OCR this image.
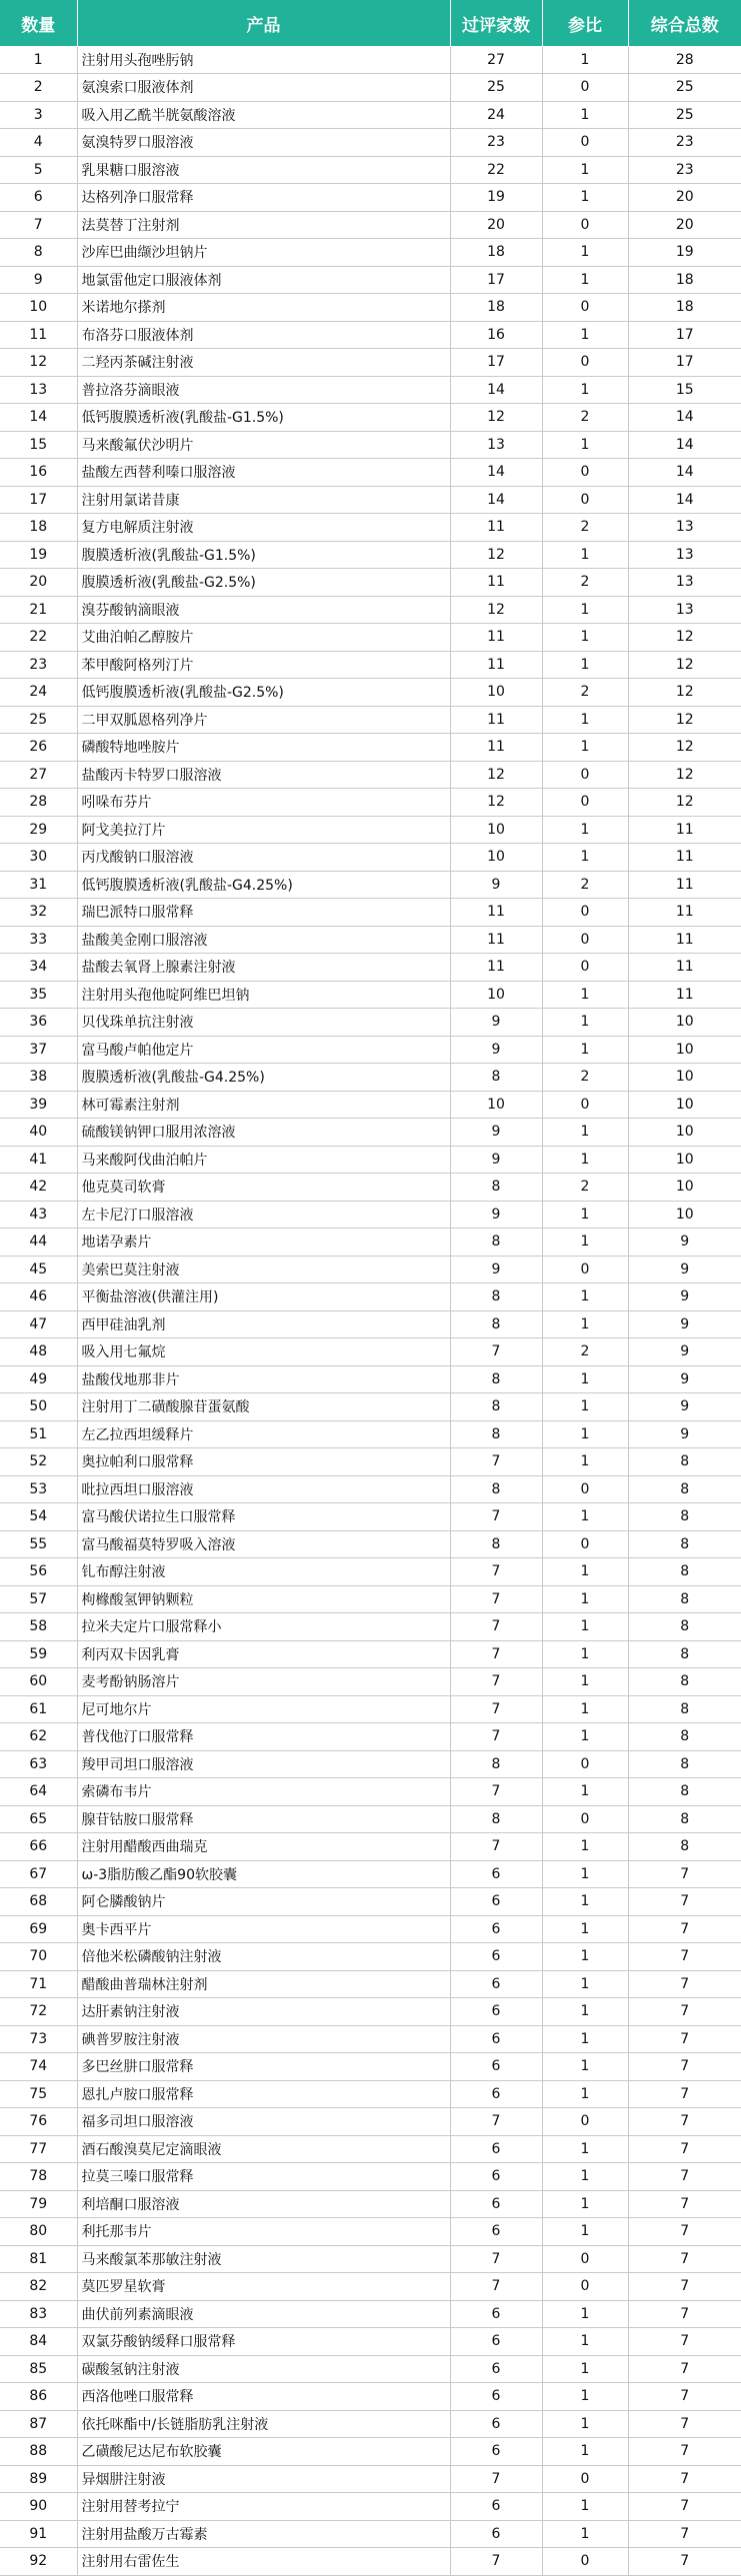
数量	产品	过评家数	参比	综合总数
1	注射用头孢唑肟钠	27	1	28
2	氨溴索口服液体剂	25	0	25
3	吸入用乙酰半胱氨酸溶液	24	1	25
4	氨溴特罗口服溶液	23	0	23
5	乳果糖口服溶液	22	1	23
6	达格列净口服常释	19	1	20
7	法莫替丁注射剂	20	0	20
8	沙库巴曲缬沙坦钠片	18	1	19
9	地氯雷他定口服液体剂	17	1	18
10	米诺地尔搽剂	18	0	18
11	布洛芬口服液体剂	16	1	17
12	二羟丙茶碱注射液	17	0	17
13	普拉洛芬滴眼液	14	1	15
14	低钙腹膜透析液(乳酸盐-G1.5%)	12	2	14
15	马来酸氟伏沙明片	13	1	14
16	盐酸左西替利嗪口服溶液	14	0	14
17	注射用氯诺昔康	14	0	14
18	复方电解质注射液	11	2	13
19	腹膜透析液(乳酸盐-G1.5%)	12	1	13
20	腹膜透析液(乳酸盐-G2.5%)	11	2	13
21	溴芬酸钠滴眼液	12	1	13
22	艾曲泊帕乙醇胺片	11	1	12
23	苯甲酸阿格列汀片	11	1	12
24	低钙腹膜透析液(乳酸盐-G2.5%)	10	2	12
25	二甲双胍恩格列净片	11	1	12
26	磷酸特地唑胺片	11	1	12
27	盐酸丙卡特罗口服溶液	12	0	12
28	吲哚布芬片	12	0	12
29	阿戈美拉汀片	10	1	11
30	丙戊酸钠口服溶液	10	1	11
31	低钙腹膜透析液(乳酸盐-G4.25%)	9	2	11
32	瑞巴派特口服常释	11	0	11
33	盐酸美金刚口服溶液	11	0	11
34	盐酸去氧肾上腺素注射液	11	0	11
35	注射用头孢他啶阿维巴坦钠	10	1	11
36	贝伐珠单抗注射液	9	1	10
37	富马酸卢帕他定片	9	1	10
38	腹膜透析液(乳酸盐-G4.25%)	8	2	10
39	林可霉素注射剂	10	0	10
40	硫酸镁钠钾口服用浓溶液	9	1	10
41	马来酸阿伐曲泊帕片	9	1	10
42	他克莫司软膏	8	2	10
43	左卡尼汀口服溶液	9	1	10
44	地诺孕素片	8	1	9
45	美索巴莫注射液	9	0	9
46	平衡盐溶液(供灌注用)	8	1	9
47	西甲硅油乳剂	8	1	9
48	吸入用七氟烷	7	2	9
49	盐酸伐地那非片	8	1	9
50	注射用丁二磺酸腺苷蛋氨酸	8	1	9
51	左乙拉西坦缓释片	8	1	9
52	奥拉帕利口服常释	7	1	8
53	吡拉西坦口服溶液	8	0	8
54	富马酸伏诺拉生口服常释	7	1	8
55	富马酸福莫特罗吸入溶液	8	0	8
56	钆布醇注射液	7	1	8
57	枸橼酸氢钾钠颗粒	7	1	8
58	拉米夫定片口服常释小	7	1	8
59	利丙双卡因乳膏	7	1	8
60	麦考酚钠肠溶片	7	1	8
61	尼可地尔片	7	1	8
62	普伐他汀口服常释	7	1	8
63	羧甲司坦口服溶液	8	0	8
64	索磷布韦片	7	1	8
65	腺苷钴胺口服常释	8	0	8
66	注射用醋酸西曲瑞克	7	1	8
67	ω-3脂肪酸乙酯90软胶囊	6	1	7
68	阿仑膦酸钠片	6	1	7
69	奥卡西平片	6	1	7
70	倍他米松磷酸钠注射液	6	1	7
71	醋酸曲普瑞林注射剂	6	1	7
72	达肝素钠注射液	6	1	7
73	碘普罗胺注射液	6	1	7
74	多巴丝肼口服常释	6	1	7
75	恩扎卢胺口服常释	6	1	7
76	福多司坦口服溶液	7	0	7
77	酒石酸溴莫尼定滴眼液	6	1	7
78	拉莫三嗪口服常释	6	1	7
79	利培酮口服溶液	6	1	7
80	利托那韦片	6	1	7
81	马来酸氯苯那敏注射液	7	0	7
82	莫匹罗星软膏	7	0	7
83	曲伏前列素滴眼液	6	1	7
84	双氯芬酸钠缓释口服常释	6	1	7
85	碳酸氢钠注射液	6	1	7
86	西洛他唑口服常释	6	1	7
87	依托咪酯中/长链脂肪乳注射液	6	1	7
88	乙磺酸尼达尼布软胶囊	6	1	7
89	异烟肼注射液	7	0	7
90	注射用替考拉宁	6	1	7
91	注射用盐酸万古霉素	6	1	7
92	注射用右雷佐生	7	0	7
